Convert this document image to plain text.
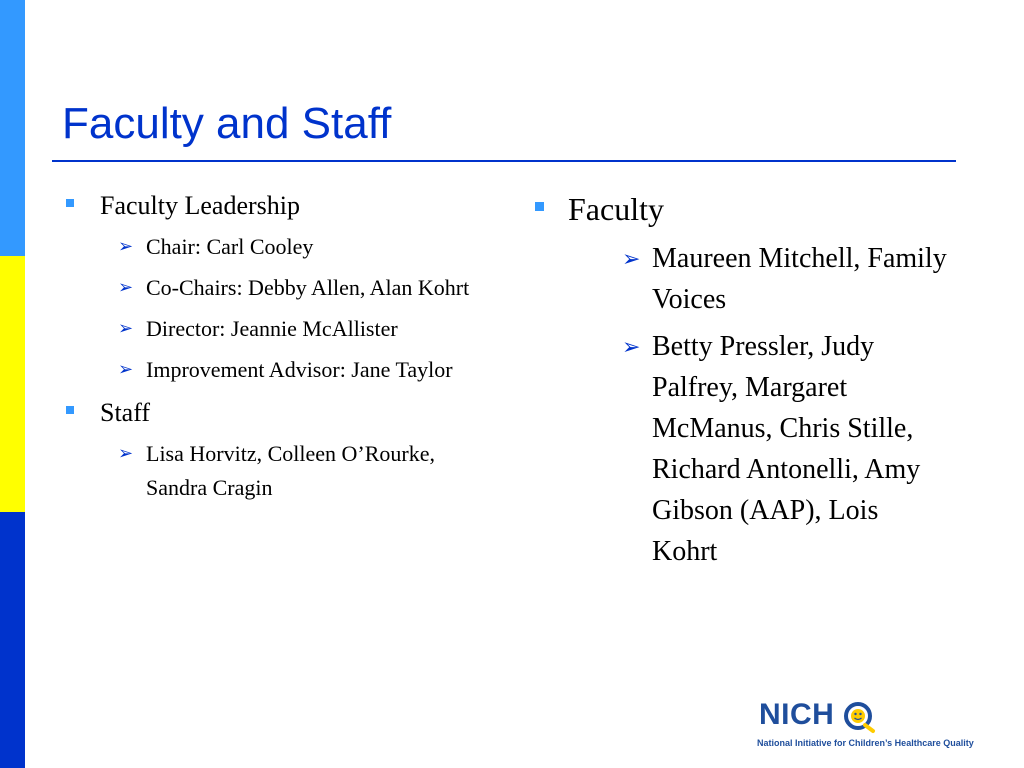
Faculty and Staff
Faculty Leadership
➢ Chair: Carl Cooley
➢ Co-Chairs: Debby Allen, Alan Kohrt
➢ Director: Jeannie McAllister
➢ Improvement Advisor: Jane Taylor
Staff
➢ Lisa Horvitz, Colleen O’Rourke, Sandra Cragin
Faculty
➢ Maureen Mitchell, Family Voices
➢ Betty Pressler, Judy Palfrey, Margaret McManus, Chris Stille, Richard Antonelli, Amy Gibson (AAP), Lois Kohrt
NICH
National Initiative for Children’s Healthcare Quality
